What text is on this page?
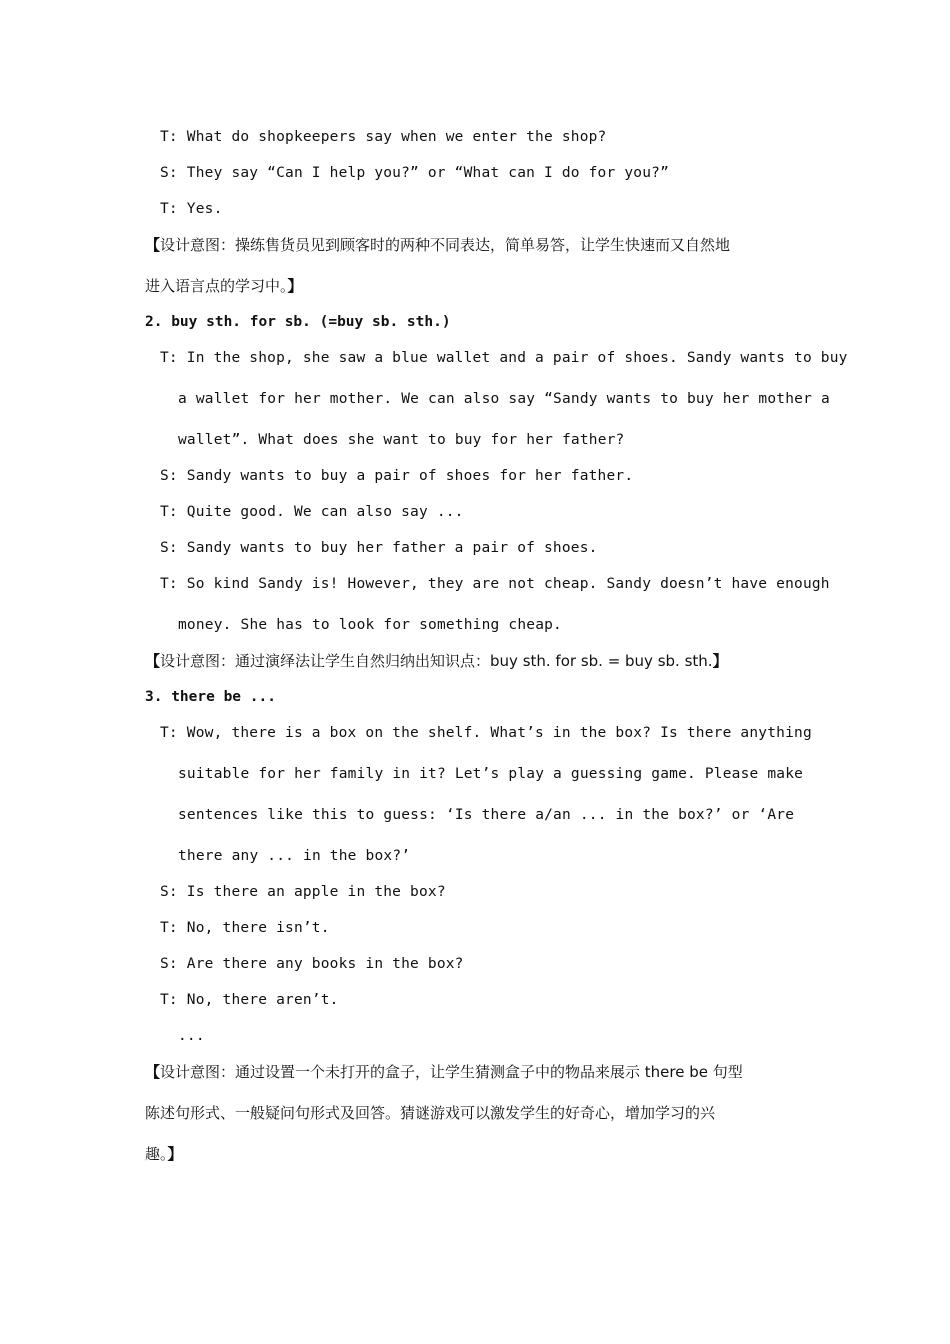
T: What do shopkeepers say when we enter the shop?
S: They say “Can I help you?” or “What can I do for you?”
T: Yes.
【设计意图：操练售货员见到顾客时的两种不同表达，简单易答，让学生快速而又自然地
进入语言点的学习中。】
2. buy sth. for sb. (=buy sb. sth.)
T: In the shop, she saw a blue wallet and a pair of shoes. Sandy wants to buy
a wallet for her mother. We can also say “Sandy wants to buy her mother a
wallet”. What does she want to buy for her father?
S: Sandy wants to buy a pair of shoes for her father.
T: Quite good. We can also say ...
S: Sandy wants to buy her father a pair of shoes.
T: So kind Sandy is! However, they are not cheap. Sandy doesn’t have enough
money. She has to look for something cheap.
【设计意图：通过演绎法让学生自然归纳出知识点：buy sth. for sb. = buy sb. sth.】
3. there be ...
T: Wow, there is a box on the shelf. What’s in the box? Is there anything
suitable for her family in it? Let’s play a guessing game. Please make
sentences like this to guess: ‘Is there a/an ... in the box?’ or ‘Are
there any ... in the box?’
S: Is there an apple in the box?
T: No, there isn’t.
S: Are there any books in the box?
T: No, there aren’t.
...
【设计意图：通过设置一个未打开的盒子，让学生猜测盒子中的物品来展示 there be 句型
陈述句形式、一般疑问句形式及回答。猜谜游戏可以激发学生的好奇心，增加学习的兴
趣。】
